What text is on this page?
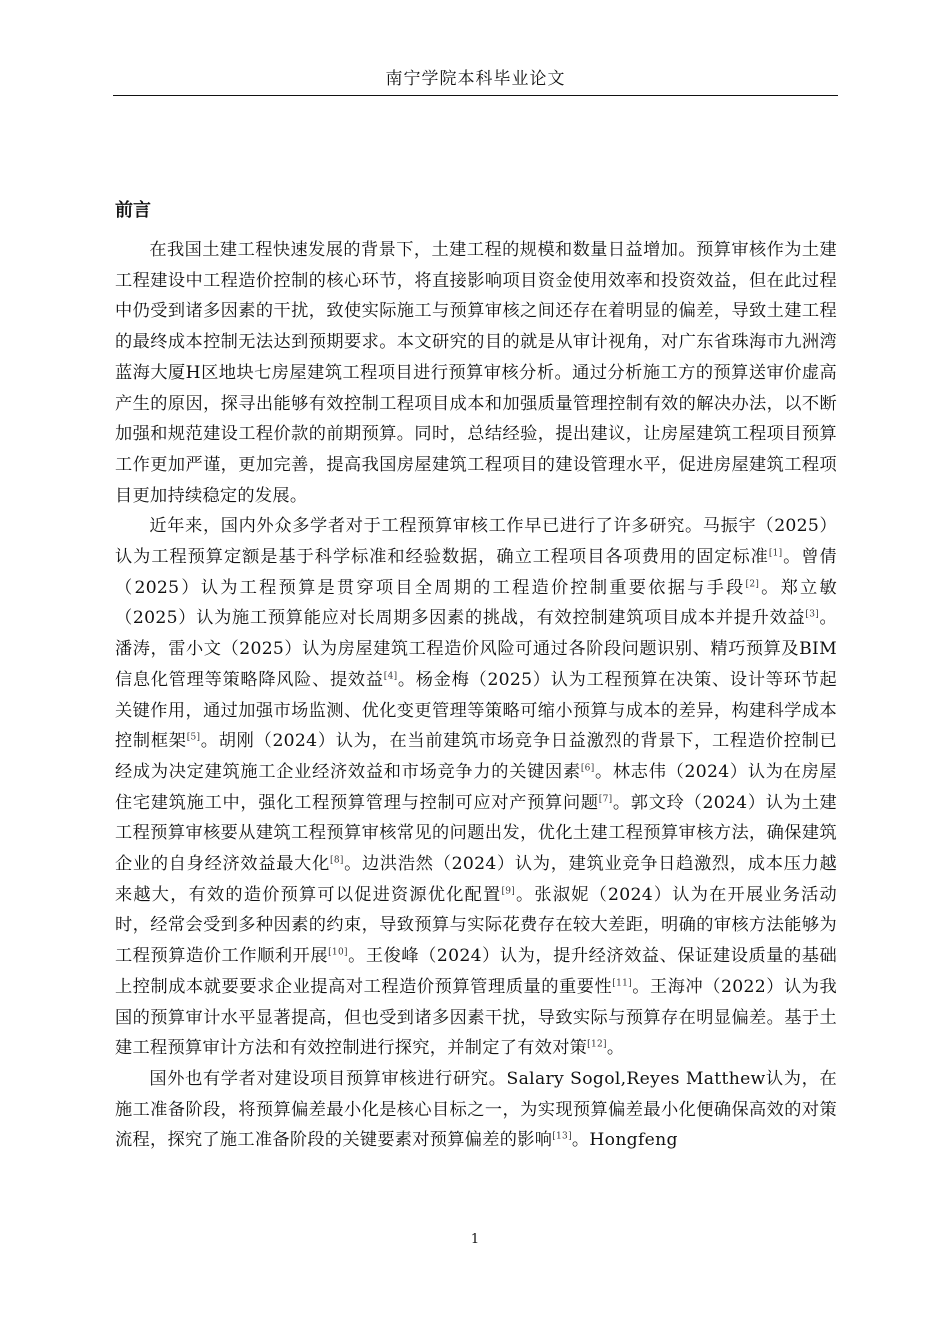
南宁学院本科毕业论文
前言

在我国土建工程快速发展的背景下，土建工程的规模和数量日益增加。预算审核作为土建工程建设中工程造价控制的核心环节，将直接影响项目资金使用效率和投资效益，但在此过程中仍受到诸多因素的干扰，致使实际施工与预算审核之间还存在着明显的偏差，导致土建工程的最终成本控制无法达到预期要求。本文研究的目的就是从审计视角，对广东省珠海市九洲湾蓝海大厦H区地块七房屋建筑工程项目进行预算审核分析。通过分析施工方的预算送审价虚高产生的原因，探寻出能够有效控制工程项目成本和加强质量管理控制有效的解决办法，以不断加强和规范建设工程价款的前期预算。同时，总结经验，提出建议，让房屋建筑工程项目预算工作更加严谨，更加完善，提高我国房屋建筑工程项目的建设管理水平，促进房屋建筑工程项目更加持续稳定的发展。

近年来，国内外众多学者对于工程预算审核工作早已进行了许多研究。马振宇（2025）认为工程预算定额是基于科学标准和经验数据，确立工程项目各项费用的固定标准[1]。曾倩（2025）认为工程预算是贯穿项目全周期的工程造价控制重要依据与手段[2]。郑立敏（2025）认为施工预算能应对长周期多因素的挑战，有效控制建筑项目成本并提升效益[3]。潘涛，雷小文（2025）认为房屋建筑工程造价风险可通过各阶段问题识别、精巧预算及BIM信息化管理等策略降风险、提效益[4]。杨金梅（2025）认为工程预算在决策、设计等环节起关键作用，通过加强市场监测、优化变更管理等策略可缩小预算与成本的差异，构建科学成本控制框架[5]。胡刚（2024）认为，在当前建筑市场竞争日益激烈的背景下，工程造价控制已经成为决定建筑施工企业经济效益和市场竞争力的关键因素[6]。林志伟（2024）认为在房屋住宅建筑施工中，强化工程预算管理与控制可应对产预算问题[7]。郭文玲（2024）认为土建工程预算审核要从建筑工程预算审核常见的问题出发，优化土建工程预算审核方法，确保建筑企业的自身经济效益最大化[8]。边洪浩然（2024）认为，建筑业竞争日趋激烈，成本压力越来越大，有效的造价预算可以促进资源优化配置[9]。张淑妮（2024）认为在开展业务活动时，经常会受到多种因素的约束，导致预算与实际花费存在较大差距，明确的审核方法能够为工程预算造价工作顺利开展[10]。王俊峰（2024）认为，提升经济效益、保证建设质量的基础上控制成本就要要求企业提高对工程造价预算管理质量的重要性[11]。王海冲（2022）认为我国的预算审计水平显著提高，但也受到诸多因素干扰，导致实际与预算存在明显偏差。基于土建工程预算审计方法和有效控制进行探究，并制定了有效对策[12]。

国外也有学者对建设项目预算审核进行研究。Salary Sogol,Reyes Matthew认为，在施工准备阶段，将预算偏差最小化是核心目标之一，为实现预算偏差最小化便确保高效的对策流程，探究了施工准备阶段的关键要素对预算偏差的影响[13]。Hongfeng

1
